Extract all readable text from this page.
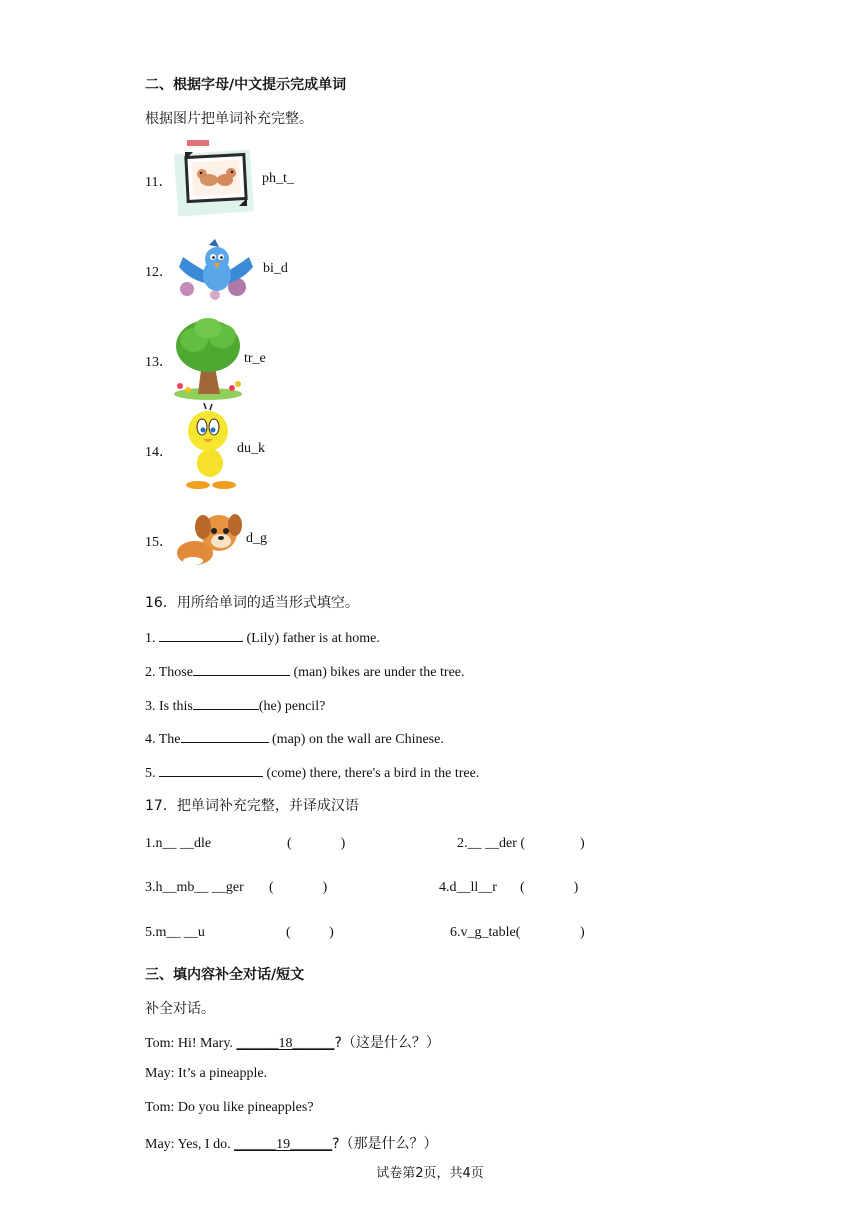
二、根据字母/中文提示完成单词
根据图片把单词补充完整。
11．	ph_t_
12．	bi_d
13．	tr_e
14．	du_k
15．	d_g
16．用所给单词的适当形式填空。
1.	(Lily) father is at home.
2. Those	(man) bikes are under the tree.
3. Is this	(he) pencil?
4. The	(map) on the wall are Chinese.
5.	(come) there, there's a bird in the tree.
17．把单词补充完整，并译成汉语
1.n__ __dle	(              )	2.__ __der ( )
3.h__mb__ __ger (              )	4.d__ll__r (              )
5.m__ __u	(           )	6.v_g_table( )
三、填内容补全对话/短文
补全对话。
Tom: Hi! Mary. ______18______?（这是什么？）
May: It’s a pineapple.
Tom: Do you like pineapples?
May: Yes, I do. ______19______?（那是什么？）
试卷第2页，共4页
